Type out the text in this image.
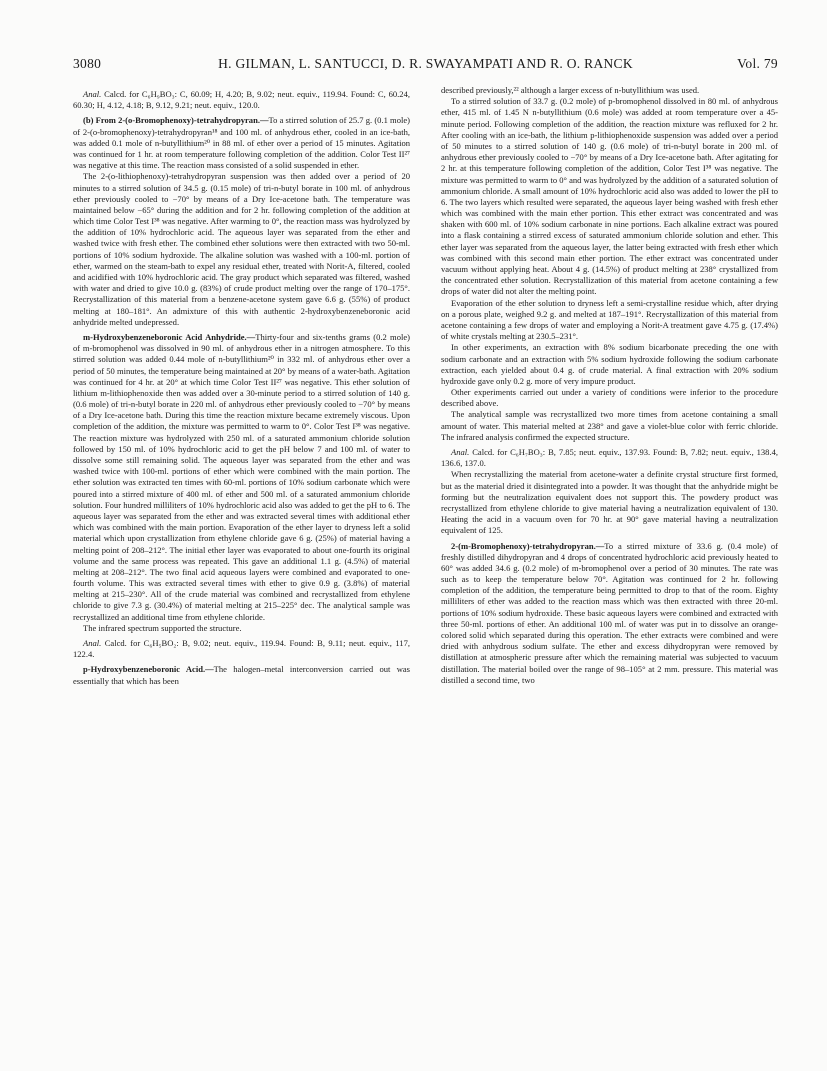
3080	H. GILMAN, L. SANTUCCI, D. R. SWAYAMPATI AND R. O. RANCK	Vol. 79

Anal. Calcd. for C₆H₉BO₃: C, 60.09; H, 4.20; B, 9.02; neut. equiv., 119.94. Found: C, 60.24, 60.30; H, 4.12, 4.18; B, 9.12, 9.21; neut. equiv., 120.0.

(b) From 2-(o-Bromophenoxy)-tetrahydropyran.—To a stirred solution of 25.7 g. (0.1 mole) of 2-(o-bromophenoxy)-tetrahydropyran¹⁸ and 100 ml. of anhydrous ether, cooled in an ice-bath, was added 0.1 mole of n-butyllithium²⁰ in 88 ml. of ether over a period of 15 minutes. Agitation was continued for 1 hr. at room temperature following completion of the addition. Color Test II²⁷ was negative at this time. The reaction mass consisted of a solid suspended in ether.

The 2-(o-lithiophenoxy)-tetrahydropyran suspension was then added over a period of 20 minutes to a stirred solution of 34.5 g. (0.15 mole) of tri-n-butyl borate in 100 ml. of anhydrous ether previously cooled to −70° by means of a Dry Ice-acetone bath. The temperature was maintained below −65° during the addition and for 2 hr. following completion of the addition at which time Color Test I³⁸ was negative. After warming to 0°, the reaction mass was hydrolyzed by the addition of 10% hydrochloric acid. The aqueous layer was separated from the ether and washed twice with fresh ether. The combined ether solutions were then extracted with two 50-ml. portions of 10% sodium hydroxide. The alkaline solution was washed with a 100-ml. portion of ether, warmed on the steam-bath to expel any residual ether, treated with Norit-A, filtered, cooled and acidified with 10% hydrochloric acid. The gray product which separated was filtered, washed with water and dried to give 10.0 g. (83%) of crude product melting over the range of 170–175°. Recrystallization of this material from a benzene-acetone system gave 6.6 g. (55%) of product melting at 180–181°. An admixture of this with authentic 2-hydroxybenzeneboronic acid anhydride melted undepressed.

m-Hydroxybenzeneboronic Acid Anhydride.—Thirty-four and six-tenths grams (0.2 mole) of m-bromophenol was dissolved in 90 ml. of anhydrous ether in a nitrogen atmosphere. To this stirred solution was added 0.44 mole of n-butyllithium²⁰ in 332 ml. of anhydrous ether over a period of 50 minutes, the temperature being maintained at 20° by means of a water-bath. Agitation was continued for 4 hr. at 20° at which time Color Test II²⁷ was negative. This ether solution of lithium m-lithiophenoxide then was added over a 30-minute period to a stirred solution of 140 g. (0.6 mole) of tri-n-butyl borate in 220 ml. of anhydrous ether previously cooled to −70° by means of a Dry Ice-acetone bath. During this time the reaction mixture became extremely viscous. Upon completion of the addition, the mixture was permitted to warm to 0°. Color Test I³⁸ was negative. The reaction mixture was hydrolyzed with 250 ml. of a saturated ammonium chloride solution followed by 150 ml. of 10% hydrochloric acid to get the pH below 7 and 100 ml. of water to dissolve some still remaining solid. The aqueous layer was separated from the ether and was washed twice with 100-ml. portions of ether which were combined with the main portion. The ether solution was extracted ten times with 60-ml. portions of 10% sodium carbonate which were poured into a stirred mixture of 400 ml. of ether and 500 ml. of a saturated ammonium chloride solution. Four hundred milliliters of 10% hydrochloric acid also was added to get the pH to 6. The aqueous layer was separated from the ether and was extracted several times with additional ether which was combined with the main portion. Evaporation of the ether layer to dryness left a solid material which upon crystallization from ethylene chloride gave 6 g. (25%) of material having a melting point of 208–212°. The initial ether layer was evaporated to about one-fourth its original volume and the same process was repeated. This gave an additional 1.1 g. (4.5%) of material melting at 208–212°. The two final acid aqueous layers were combined and evaporated to one-fourth volume. This was extracted several times with ether to give 0.9 g. (3.8%) of material melting at 215–230°. All of the crude material was combined and recrystallized from ethylene chloride to give 7.3 g. (30.4%) of material melting at 215–225° dec. The analytical sample was recrystallized an additional time from ethylene chloride.

The infrared spectrum supported the structure.

Anal. Calcd. for C₆H₅BO₂: B, 9.02; neut. equiv., 119.94. Found: B, 9.11; neut. equiv., 117, 122.4.

p-Hydroxybenzeneboronic Acid.—The halogen–metal interconversion carried out was essentially that which has been

described previously,²² although a larger excess of n-butyllithium was used.

To a stirred solution of 33.7 g. (0.2 mole) of p-bromophenol dissolved in 80 ml. of anhydrous ether, 415 ml. of 1.45 N n-butyllithium (0.6 mole) was added at room temperature over a 45-minute period. Following completion of the addition, the reaction mixture was refluxed for 2 hr. After cooling with an ice-bath, the lithium p-lithiophenoxide suspension was added over a period of 50 minutes to a stirred solution of 140 g. (0.6 mole) of tri-n-butyl borate in 200 ml. of anhydrous ether previously cooled to −70° by means of a Dry Ice-acetone bath. After agitating for 2 hr. at this temperature following completion of the addition, Color Test I³⁸ was negative. The mixture was permitted to warm to 0° and was hydrolyzed by the addition of a saturated solution of ammonium chloride. A small amount of 10% hydrochloric acid also was added to lower the pH to 6. The two layers which resulted were separated, the aqueous layer being washed with fresh ether which was combined with the main ether portion. This ether extract was concentrated and was shaken with 600 ml. of 10% sodium carbonate in nine portions. Each alkaline extract was poured into a flask containing a stirred excess of saturated ammonium chloride solution and ether. This ether layer was separated from the aqueous layer, the latter being extracted with fresh ether which was combined with this second main ether portion. The ether extract was concentrated under vacuum without applying heat. About 4 g. (14.5%) of product melting at 238° crystallized from the concentrated ether solution. Recrystallization of this material from acetone containing a few drops of water did not alter the melting point.

Evaporation of the ether solution to dryness left a semi-crystalline residue which, after drying on a porous plate, weighed 9.2 g. and melted at 187–191°. Recrystallization of this material from acetone containing a few drops of water and employing a Norit-A treatment gave 4.75 g. (17.4%) of white crystals melting at 230.5–231°.

In other experiments, an extraction with 8% sodium bicarbonate preceding the one with sodium carbonate and an extraction with 5% sodium hydroxide following the sodium carbonate extraction, each yielded about 0.4 g. of crude material. A final extraction with 20% sodium hydroxide gave only 0.2 g. more of very impure product.

Other experiments carried out under a variety of conditions were inferior to the procedure described above.

The analytical sample was recrystallized two more times from acetone containing a small amount of water. This material melted at 238° and gave a violet-blue color with ferric chloride. The infrared analysis confirmed the expected structure.

Anal. Calcd. for C₆H₇BO₃: B, 7.85; neut. equiv., 137.93. Found: B, 7.82; neut. equiv., 138.4, 136.6, 137.0.

When recrystallizing the material from acetone-water a definite crystal structure first formed, but as the material dried it disintegrated into a powder. It was thought that the anhydride might be forming but the neutralization equivalent does not support this. The powdery product was recrystallized from ethylene chloride to give material having a neutralization equivalent of 130. Heating the acid in a vacuum oven for 70 hr. at 90° gave material having a neutralization equivalent of 125.

2-(m-Bromophenoxy)-tetrahydropyran.—To a stirred mixture of 33.6 g. (0.4 mole) of freshly distilled dihydropyran and 4 drops of concentrated hydrochloric acid previously heated to 60° was added 34.6 g. (0.2 mole) of m-bromophenol over a period of 30 minutes. The rate was such as to keep the temperature below 70°. Agitation was continued for 2 hr. following completion of the addition, the temperature being permitted to drop to that of the room. Eighty milliliters of ether was added to the reaction mass which was then extracted with three 20-ml. portions of 10% sodium hydroxide. These basic aqueous layers were combined and extracted with three 50-ml. portions of ether. An additional 100 ml. of water was put in to dissolve an orange-colored solid which separated during this operation. The ether extracts were combined and were dried with anhydrous sodium sulfate. The ether and excess dihydropyran were removed by distillation at atmospheric pressure after which the remaining material was subjected to vacuum distillation. The material boiled over the range of 98–105° at 2 mm. pressure. This material was distilled a second time, two
